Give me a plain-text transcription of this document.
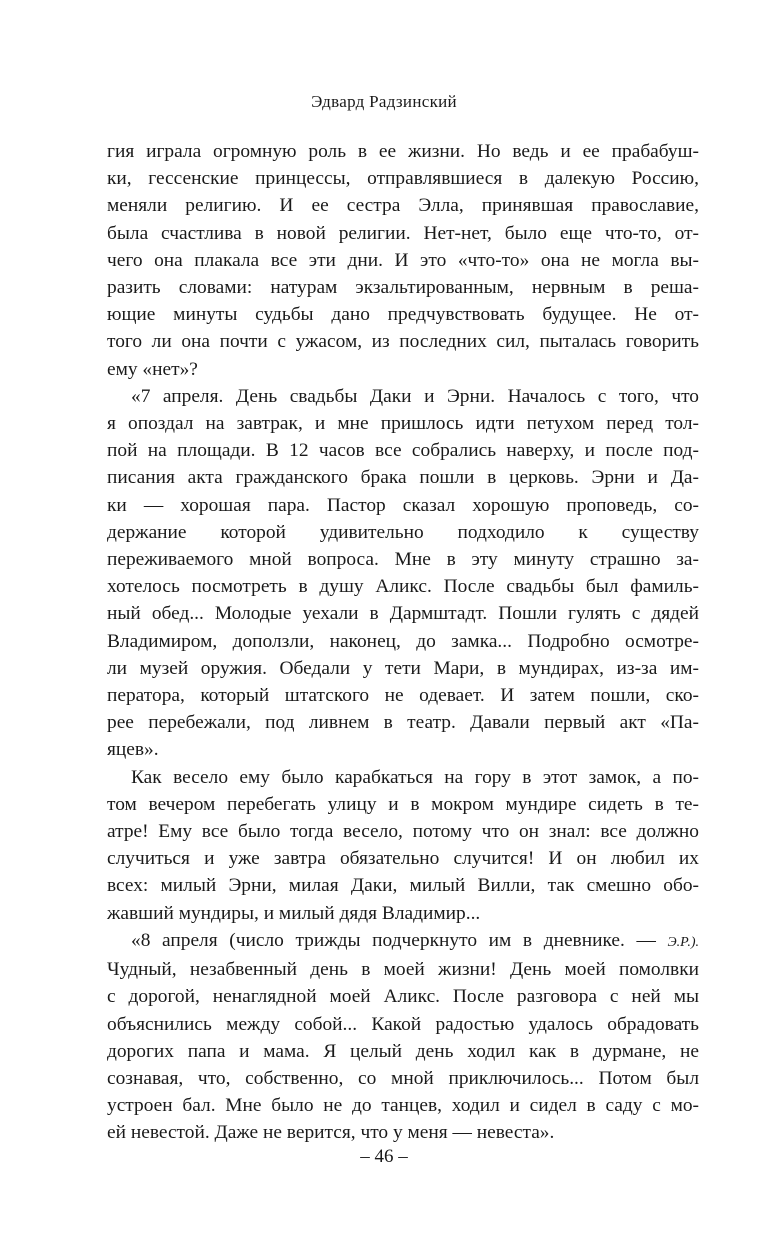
Эдвард Радзинский

гия играла огромную роль в ее жизни. Но ведь и ее прабабуш-
ки, гессенские принцессы, отправлявшиеся в далекую Россию,
меняли религию. И ее сестра Элла, принявшая православие,
была счастлива в новой религии. Нет-нет, было еще что-то, от-
чего она плакала все эти дни. И это «что-то» она не могла вы-
разить словами: натурам экзальтированным, нервным в реша-
ющие минуты судьбы дано предчувствовать будущее. Не от-
того ли она почти с ужасом, из последних сил, пыталась говорить
ему «нет»?

«7 апреля. День свадьбы Даки и Эрни. Началось с того, что
я опоздал на завтрак, и мне пришлось идти петухом перед тол-
пой на площади. В 12 часов все собрались наверху, и после под-
писания акта гражданского брака пошли в церковь. Эрни и Да-
ки — хорошая пара. Пастор сказал хорошую проповедь, со-
держание которой удивительно подходило к существу
переживаемого мной вопроса. Мне в эту минуту страшно за-
хотелось посмотреть в душу Аликс. После свадьбы был фамиль-
ный обед... Молодые уехали в Дармштадт. Пошли гулять с дядей
Владимиром, доползли, наконец, до замка... Подробно осмотре-
ли музей оружия. Обедали у тети Мари, в мундирах, из-за им-
ператора, который штатского не одевает. И затем пошли, ско-
рее перебежали, под ливнем в театр. Давали первый акт «Па-
яцев».

Как весело ему было карабкаться на гору в этот замок, а по-
том вечером перебегать улицу и в мокром мундире сидеть в те-
атре! Ему все было тогда весело, потому что он знал: все должно
случиться и уже завтра обязательно случится! И он любил их
всех: милый Эрни, милая Даки, милый Вилли, так смешно обо-
жавший мундиры, и милый дядя Владимир...

«8 апреля (число трижды подчеркнуто им в дневнике. — Э.Р.).
Чудный, незабвенный день в моей жизни! День моей помолвки
с дорогой, ненаглядной моей Аликс. После разговора с ней мы
объяснились между собой... Какой радостью удалось обрадовать
дорогих папа и мама. Я целый день ходил как в дурмане, не
сознавая, что, собственно, со мной приключилось... Потом был
устроен бал. Мне было не до танцев, ходил и сидел в саду с мо-
ей невестой. Даже не верится, что у меня — невеста».

– 46 –
